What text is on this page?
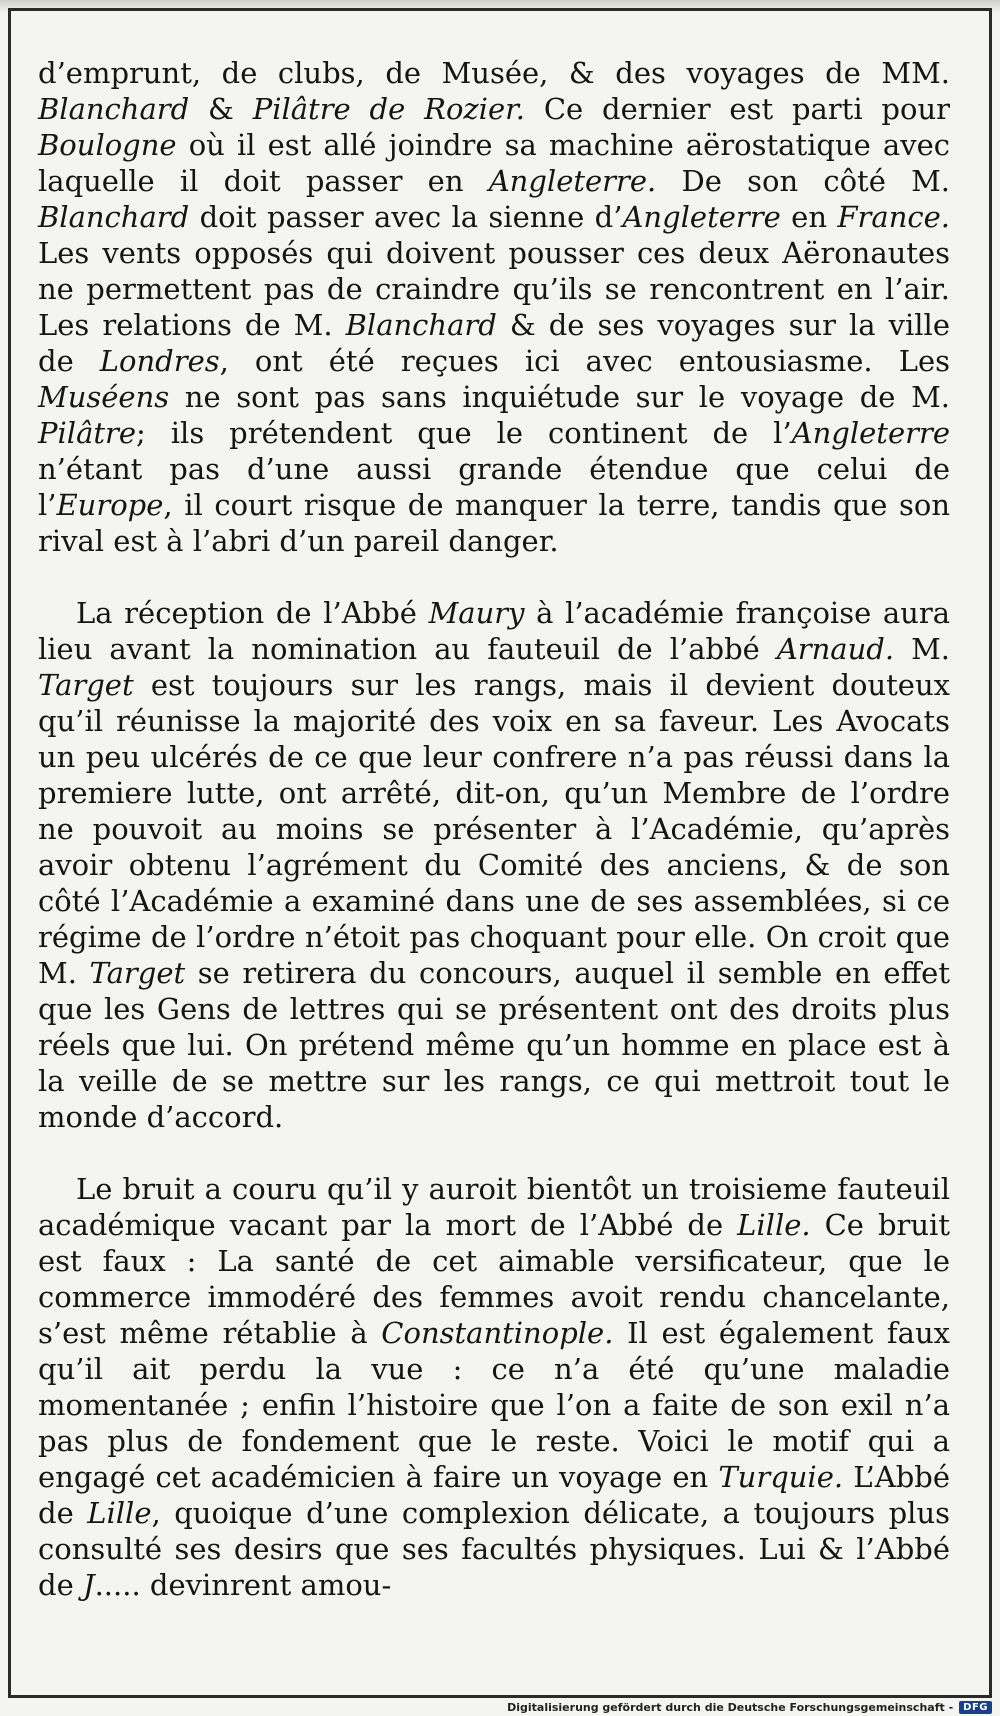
d’emprunt, de clubs, de Musée, & des voyages de MM. Blanchard & Pilâtre de Rozier. Ce dernier est parti pour Boulogne où il est allé joindre sa machine aërostatique avec laquelle il doit passer en Angleterre. De son côté M. Blanchard doit passer avec la sienne d’Angleterre en France. Les vents opposés qui doivent pousser ces deux Aëronautes ne permettent pas de craindre qu’ils se rencontrent en l’air. Les relations de M. Blanchard & de ses voyages sur la ville de Londres, ont été reçues ici avec entousiasme. Les Muséens ne sont pas sans inquiétude sur le voyage de M. Pilâtre; ils prétendent que le continent de l’Angleterre n’étant pas d’une aussi grande étendue que celui de l’Europe, il court risque de manquer la terre, tandis que son rival est à l’abri d’un pareil danger.

La réception de l’Abbé Maury à l’académie françoise aura lieu avant la nomination au fauteuil de l’abbé Arnaud. M. Target est toujours sur les rangs, mais il devient douteux qu’il réunisse la majorité des voix en sa faveur. Les Avocats un peu ulcérés de ce que leur confrere n’a pas réussi dans la premiere lutte, ont arrêté, dit-on, qu’un Membre de l’ordre ne pouvoit au moins se présenter à l’Académie, qu’après avoir obtenu l’agrément du Comité des anciens, & de son côté l’Académie a examiné dans une de ses assemblées, si ce régime de l’ordre n’étoit pas choquant pour elle. On croit que M. Target se retirera du concours, auquel il semble en effet que les Gens de lettres qui se présentent ont des droits plus réels que lui. On prétend même qu’un homme en place est à la veille de se mettre sur les rangs, ce qui mettroit tout le monde d’accord.

Le bruit a couru qu’il y auroit bientôt un troisieme fauteuil académique vacant par la mort de l’Abbé de Lille. Ce bruit est faux : La santé de cet aimable versificateur, que le commerce immodéré des femmes avoit rendu chancelante, s’est même rétablie à Constantinople. Il est également faux qu’il ait perdu la vue : ce n’a été qu’une maladie momentanée ; enfin l’histoire que l’on a faite de son exil n’a pas plus de fondement que le reste. Voici le motif qui a engagé cet académicien à faire un voyage en Turquie. L’Abbé de Lille, quoique d’une complexion délicate, a toujours plus consulté ses desirs que ses facultés physiques. Lui & l’Abbé de J..... devinrent amou-

Digitalisierung gefördert durch die Deutsche Forschungsgemeinschaft -	DFG
